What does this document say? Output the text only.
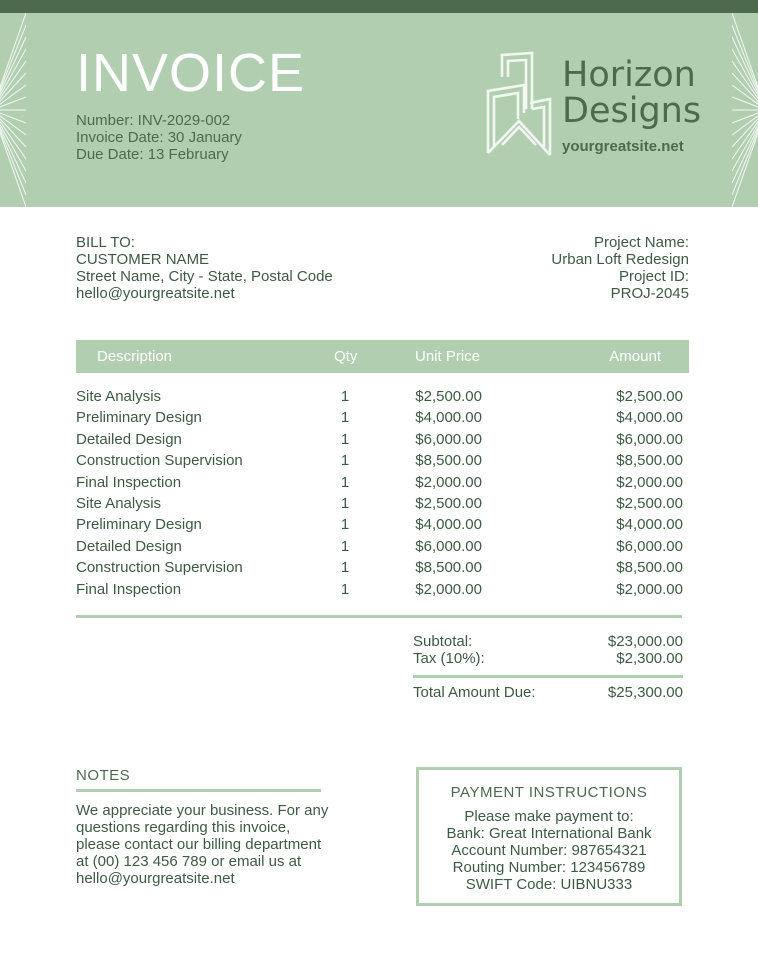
INVOICE
Number: INV-2029-002
Invoice Date: 30 January
Due Date: 13 February
Horizon
Designs
yourgreatsite.net
BILL TO:
CUSTOMER NAME
Street Name, City - State, Postal Code
hello@yourgreatsite.net
Project Name:
Urban Loft Redesign
Project ID:
PROJ-2045
Description	Qty	Unit Price	Amount
Site Analysis	1	$2,500.00	$2,500.00
Preliminary Design	1	$4,000.00	$4,000.00
Detailed Design	1	$6,000.00	$6,000.00
Construction Supervision	1	$8,500.00	$8,500.00
Final Inspection	1	$2,000.00	$2,000.00
Site Analysis	1	$2,500.00	$2,500.00
Preliminary Design	1	$4,000.00	$4,000.00
Detailed Design	1	$6,000.00	$6,000.00
Construction Supervision	1	$8,500.00	$8,500.00
Final Inspection	1	$2,000.00	$2,000.00
Subtotal:	$23,000.00
Tax (10%):	$2,300.00
Total Amount Due:	$25,300.00
NOTES
We appreciate your business. For any questions regarding this invoice, please contact our billing department at (00) 123 456 789 or email us at hello@yourgreatsite.net
PAYMENT INSTRUCTIONS
Please make payment to:
Bank: Great International Bank
Account Number: 987654321
Routing Number: 123456789
SWIFT Code: UIBNU333
